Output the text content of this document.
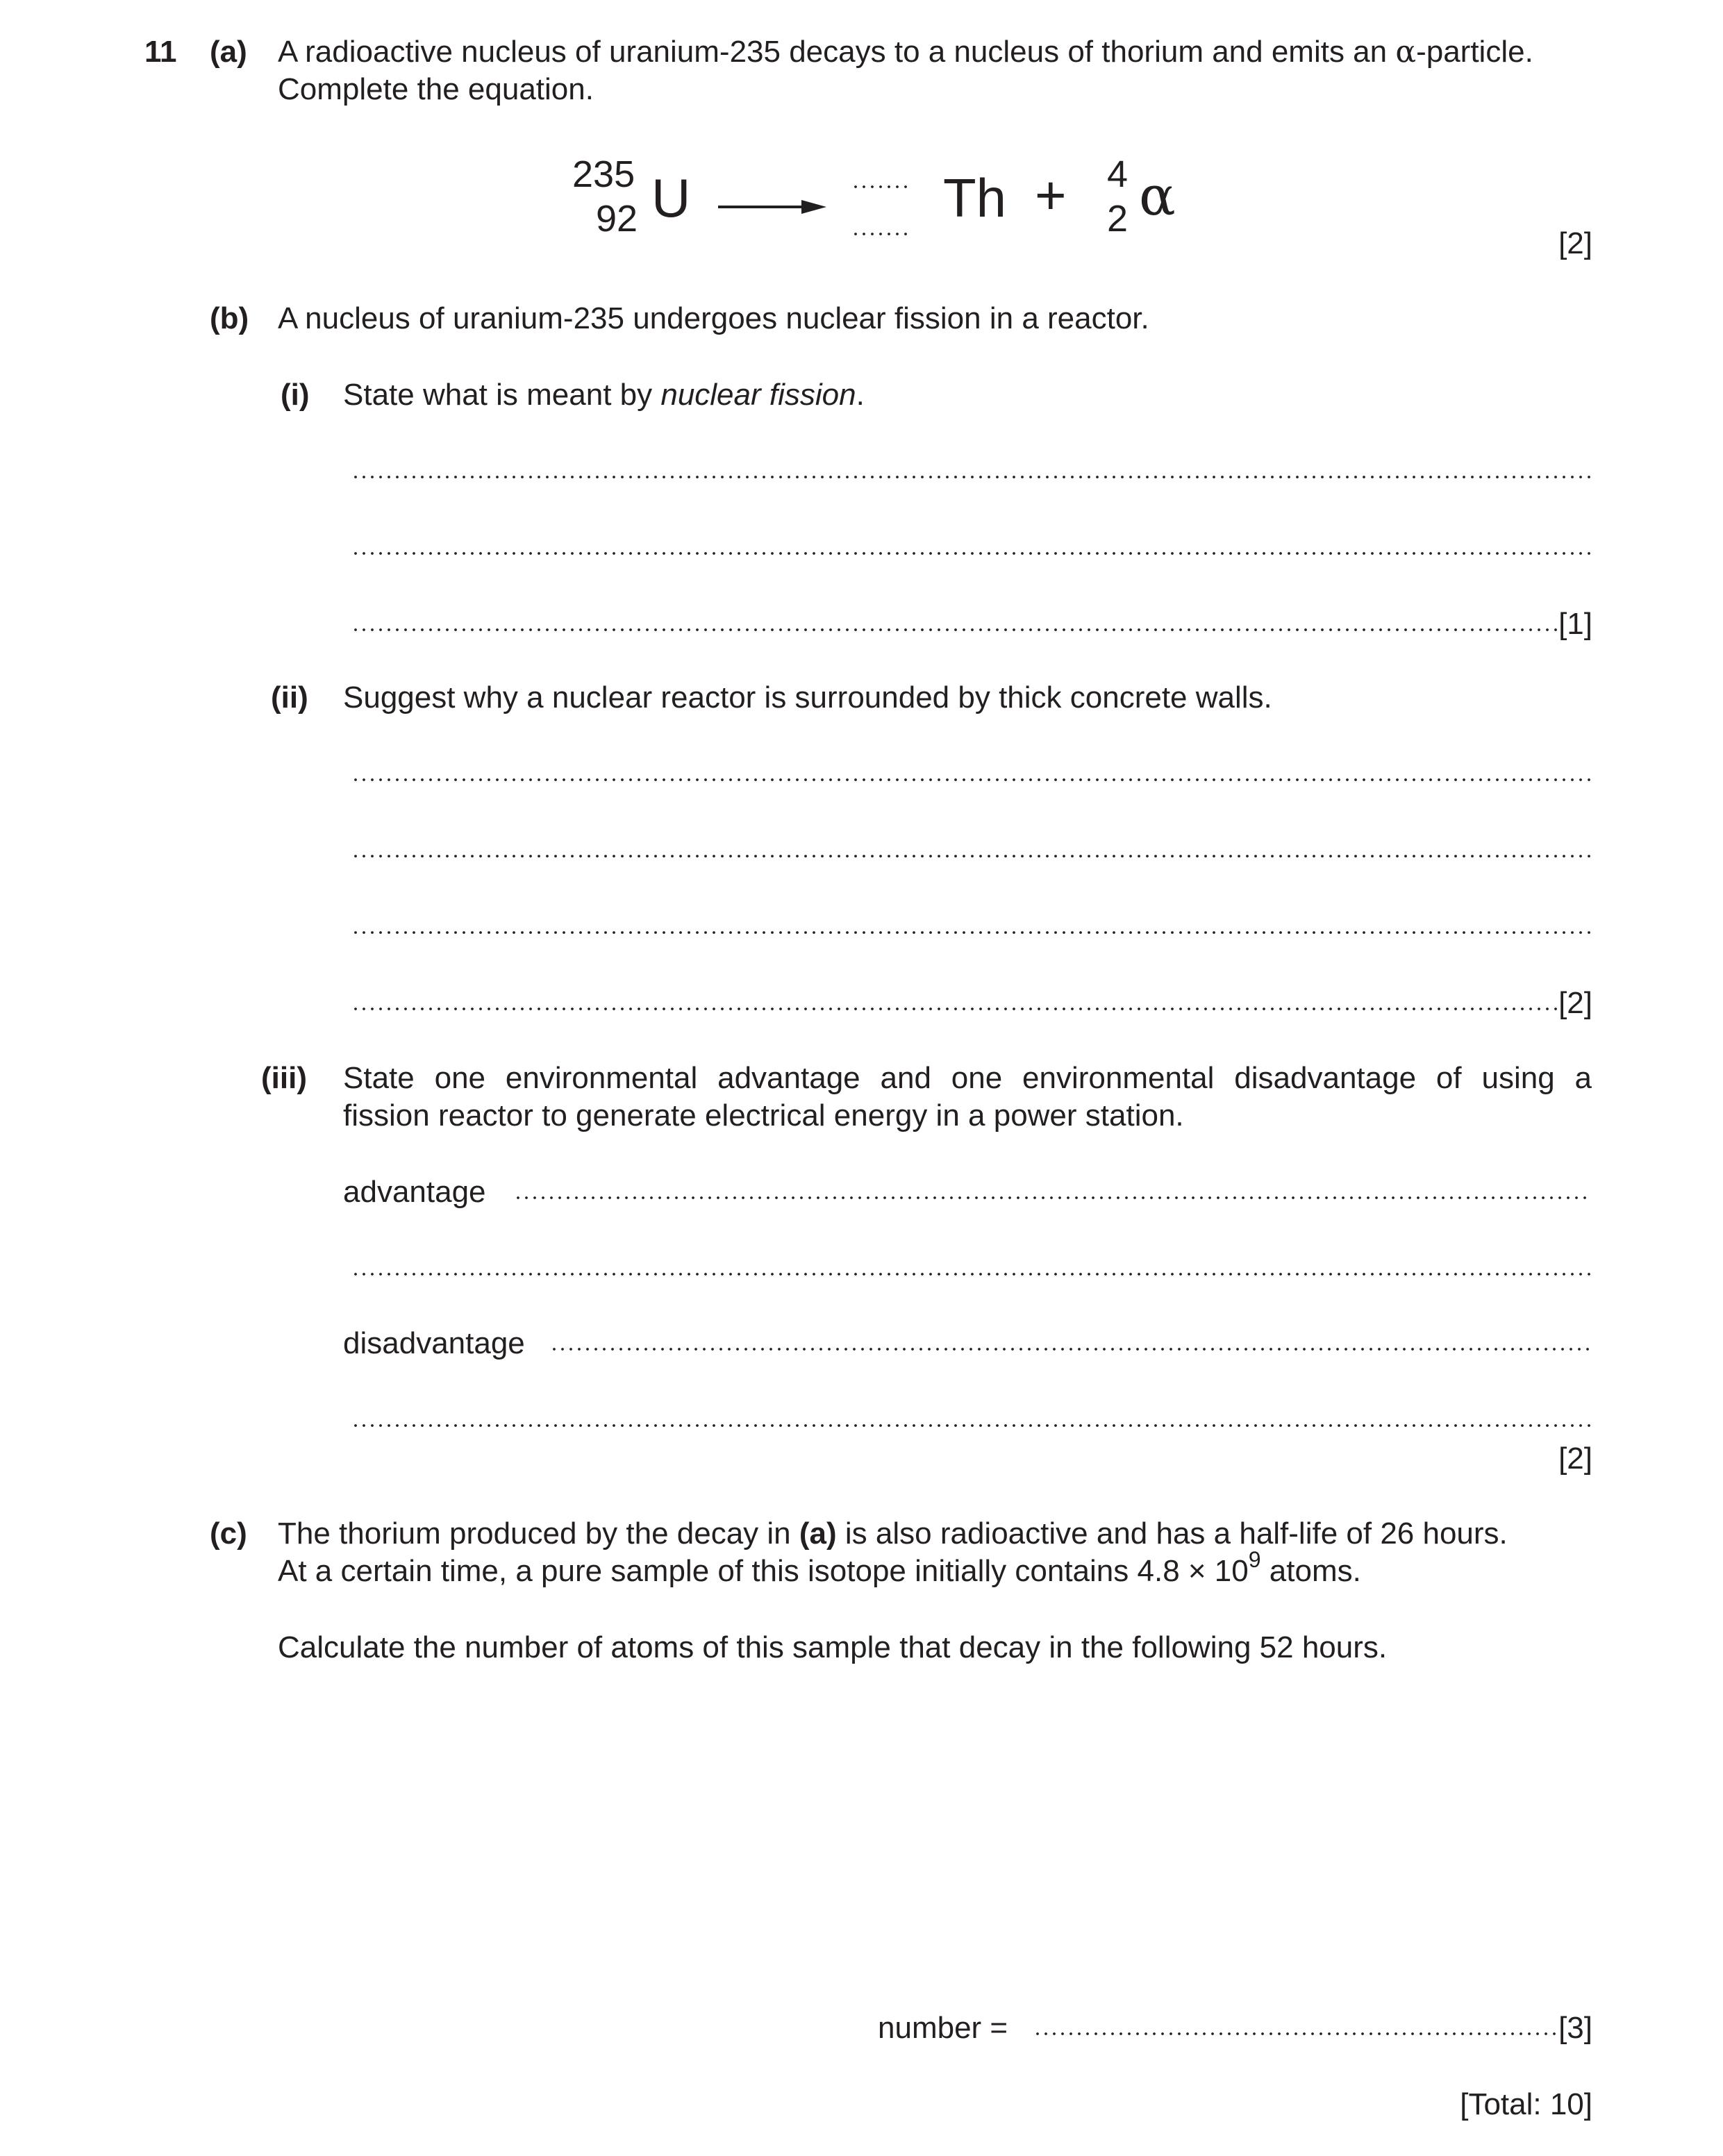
11 (a) A radioactive nucleus of uranium-235 decays to a nucleus of thorium and emits an α-particle.
Complete the equation.
235
92 U → Th + 4
2 α
[2]
(b) A nucleus of uranium-235 undergoes nuclear fission in a reactor.
(i) State what is meant by nuclear fission.
[1]
(ii) Suggest why a nuclear reactor is surrounded by thick concrete walls.
[2]
(iii) State one environmental advantage and one environmental disadvantage of using a
fission reactor to generate electrical energy in a power station.
advantage
disadvantage
[2]
(c) The thorium produced by the decay in (a) is also radioactive and has a half-life of 26 hours.
At a certain time, a pure sample of this isotope initially contains $4.8 \times 10^9$ atoms.
Calculate the number of atoms of this sample that decay in the following 52 hours.
number =	[3]
[Total: 10]
